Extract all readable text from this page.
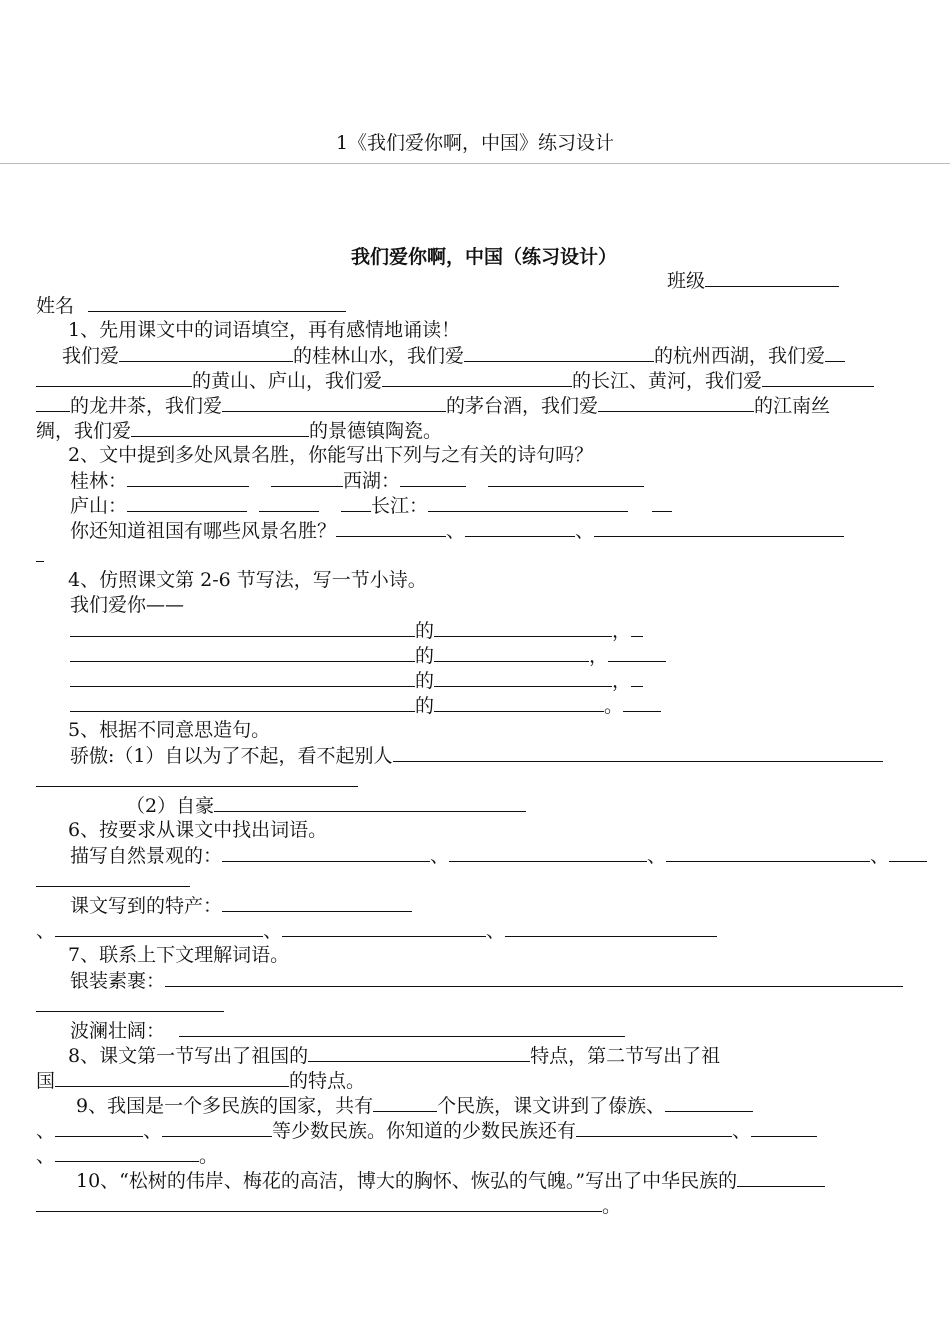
1《我们爱你啊，中国》练习设计
我们爱你啊，中国（练习设计）
班级
姓名
1、先用课文中的词语填空，再有感情地诵读！
我们爱	的桂林山水，我们爱	的杭州西湖，我们爱
的黄山、庐山，我们爱	的长江、黄河，我们爱
的龙井茶，我们爱	的茅台酒，我们爱	的江南丝
绸，我们爱	的景德镇陶瓷。
2、文中提到多处风景名胜，你能写出下列与之有关的诗句吗？
桂林：	西湖：
庐山：	长江：
你还知道祖国有哪些风景名胜？	、	、
4、仿照课文第 2-6 节写法，写一节小诗。
我们爱你——
的	，
的	，
的	，
的	。
5、根据不同意思造句。
骄傲:（1）自以为了不起，看不起别人
（2）自豪
6、按要求从课文中找出词语。
描写自然景观的：	、	、	、
课文写到的特产：
、	、	、
7、联系上下文理解词语。
银装素裹：
波澜壮阔：
8、课文第一节写出了祖国的	特点，第二节写出了祖
国	的特点。
9、我国是一个多民族的国家，共有	个民族，课文讲到了傣族、
、	、	等少数民族。你知道的少数民族还有	、
、	。
10、“松树的伟岸、梅花的高洁，博大的胸怀、恢弘的气魄。”写出了中华民族的
。
